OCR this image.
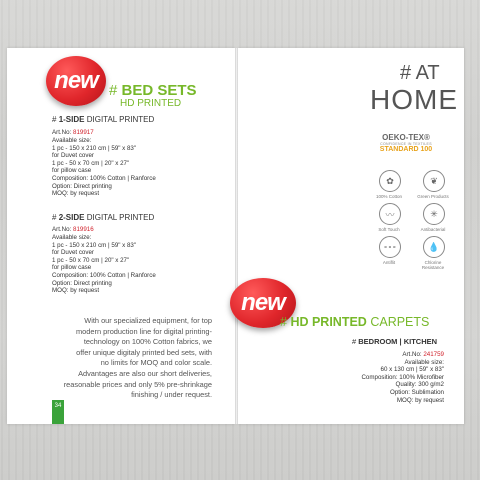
new # BED SETS
HD PRINTED
# 1-SIDE DIGITAL PRINTED
Art.No: 819917
Available size:
1 pc - 150 x 210 cm | 59" x 83"
for Duvet cover
1 pc - 50 x 70 cm | 20" x 27"
for pillow case
Composition: 100% Cotton | Ranforce
Option: Direct printing
MOQ: by request
# 2-SIDE DIGITAL PRINTED
Art.No: 819916
Available size:
1 pc - 150 x 210 cm | 59" x 83"
for Duvet cover
1 pc - 50 x 70 cm | 20" x 27"
for pillow case
Composition: 100% Cotton | Ranforce
Option: Direct printing
MOQ: by request
With our specialized equipment, for top
modern production line for digital printing-
technology on 100% Cotton fabrics, we
offer unique digitaly printed bed sets, with
no limits for MOQ and color scale.
Advantages are also our short deliveries,
reasonable prices and only 5% pre-shrinkage
finishing / under request.
34
# AT
HOME
OEKO-TEX®
CONFIDENCE IN TEXTILES
STANDARD 100
✿
100% Cotton
❦
Green Products
〰
Soft Touch
✳
Antibacterial
∘∘∘
Antiflit
💧
Chlorine Resistance
new
# HD PRINTED CARPETS
# BEDROOM | KITCHEN
Art.No: 241759
Available size:
60 x 130 cm | 59" x 83"
Composition: 100% Microfiber
Quality: 300 g/m2
Option: Sublimation
MOQ: by request
